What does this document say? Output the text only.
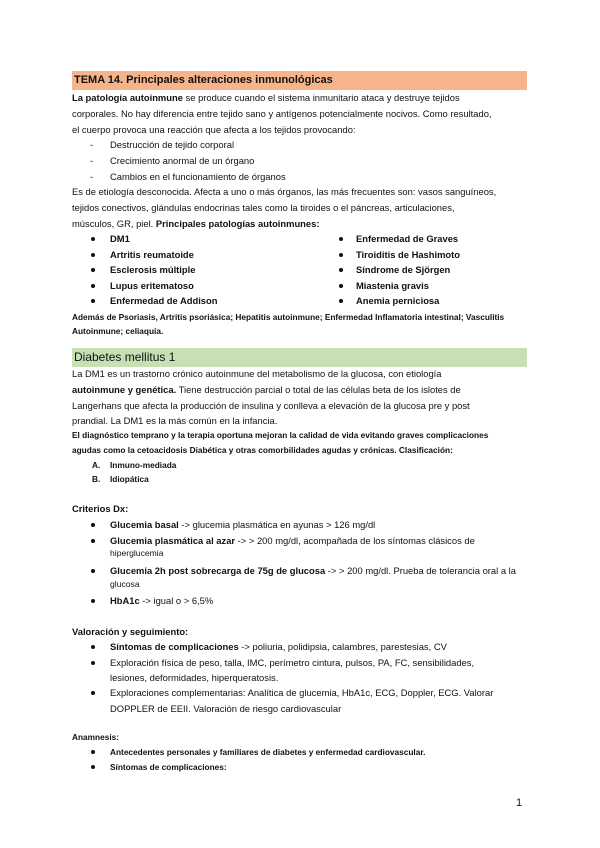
TEMA 14. Principales alteraciones inmunológicas
La patología autoinmune se produce cuando el sistema inmunitario ataca y destruye tejidos
corporales. No hay diferencia entre tejido sano y antígenos potencialmente nocivos. Como resultado,
el cuerpo provoca una reacción que afecta a los tejidos provocando:
- Destrucción de tejido corporal
- Crecimiento anormal de un órgano
- Cambios en el funcionamiento de órganos
Es de etiología desconocida. Afecta a uno o más órganos, las más frecuentes son: vasos sanguíneos,
tejidos conectivos, glándulas endocrinas tales como la tiroides o el páncreas, articulaciones,
músculos, GR, piel. Principales patologías autoinmunes:
DM1
Artritis reumatoide
Esclerosis múltiple
Lupus eritematoso
Enfermedad de Addison
Enfermedad de Graves
Tiroiditis de Hashimoto
Síndrome de Sjörgen
Miastenia gravis
Anemia perniciosa
Además de Psoriasis, Artritis psoriásica; Hepatitis autoinmune; Enfermedad Inflamatoria intestinal; Vasculitis
Autoinmune; celiaquía.
Diabetes mellitus 1
La DM1 es un trastorno crónico autoinmune del metabolismo de la glucosa, con etiología
autoinmune y genética. Tiene destrucción parcial o total de las células beta de los islotes de
Langerhans que afecta la producción de insulina y conlleva a elevación de la glucosa pre y post
prandial. La DM1 es la más común en la infancia.
El diagnóstico temprano y la terapia oportuna mejoran la calidad de vida evitando graves complicaciones
agudas como la cetoacidosis Diabética y otras comorbilidades agudas y crónicas. Clasificación:
A. Inmuno-mediada
B. Idiopática
Criterios Dx:
Glucemia basal -> glucemia plasmática en ayunas > 126 mg/dl
Glucemia plasmática al azar -> > 200 mg/dl, acompañada de los síntomas clásicos de
hiperglucemia
Glucemia 2h post sobrecarga de 75g de glucosa -> > 200 mg/dl. Prueba de tolerancia oral a la
glucosa
HbA1c -> igual o > 6,5%
Valoración y seguimiento:
Síntomas de complicaciones -> poliuria, polidipsia, calambres, parestesias, CV
Exploración física de peso, talla, IMC, perímetro cintura, pulsos, PA, FC, sensibilidades,
lesiones, deformidades, hiperqueratosis.
Exploraciones complementarias: Analítica de glucemia, HbA1c, ECG, Doppler, ECG. Valorar
DOPPLER de EEII. Valoración de riesgo cardiovascular
Anamnesis:
Antecedentes personales y familiares de diabetes y enfermedad cardiovascular.
Síntomas de complicaciones:
1
